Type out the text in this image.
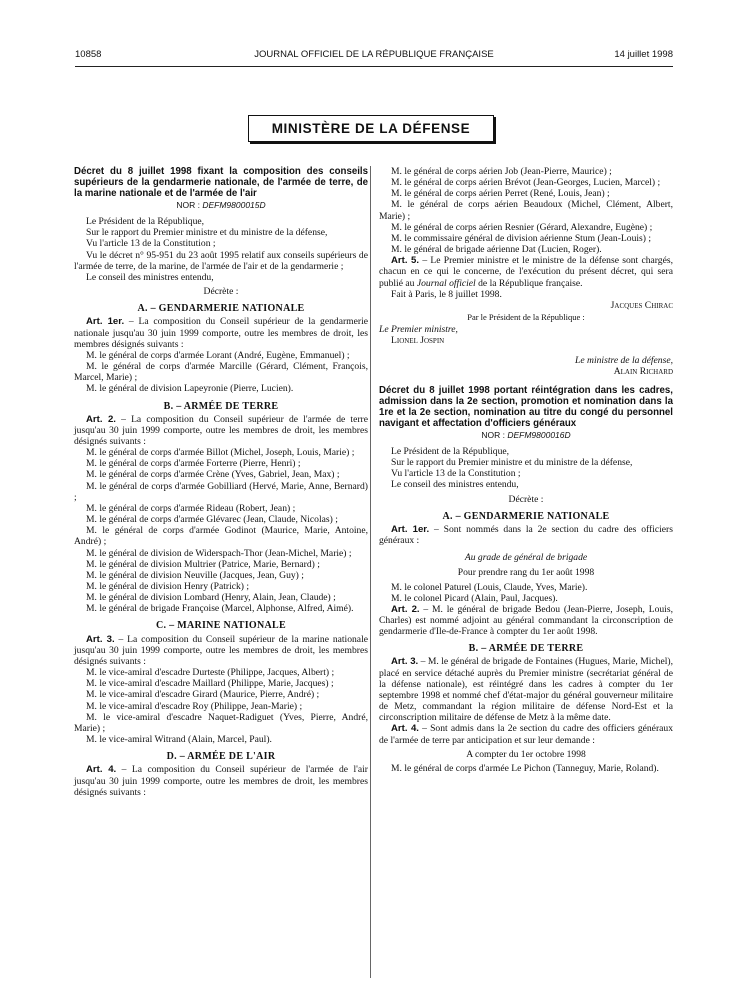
10858	JOURNAL OFFICIEL DE LA RÉPUBLIQUE FRANÇAISE	14 juillet 1998
MINISTÈRE DE LA DÉFENSE

Décret du 8 juillet 1998 fixant la composition des conseils supérieurs de la gendarmerie nationale, de l'armée de terre, de la marine nationale et de l'armée de l'air

NOR : DEFM9800015D

Le Président de la République,

Sur le rapport du Premier ministre et du ministre de la défense,

Vu l'article 13 de la Constitution ;

Vu le décret n° 95-951 du 23 août 1995 relatif aux conseils supérieurs de l'armée de terre, de la marine, de l'armée de l'air et de la gendarmerie ;

Le conseil des ministres entendu,

Décrète :

A. – GENDARMERIE NATIONALE

Art. 1er. – La composition du Conseil supérieur de la gendarmerie nationale jusqu'au 30 juin 1999 comporte, outre les membres de droit, les membres désignés suivants :

M. le général de corps d'armée Lorant (André, Eugène, Emmanuel) ;

M. le général de corps d'armée Marcille (Gérard, Clément, François, Marcel, Marie) ;

M. le général de division Lapeyronie (Pierre, Lucien).

B. – ARMÉE DE TERRE

Art. 2. – La composition du Conseil supérieur de l'armée de terre jusqu'au 30 juin 1999 comporte, outre les membres de droit, les membres désignés suivants :

M. le général de corps d'armée Billot (Michel, Joseph, Louis, Marie) ;

M. le général de corps d'armée Forterre (Pierre, Henri) ;

M. le général de corps d'armée Crène (Yves, Gabriel, Jean, Max) ;

M. le général de corps d'armée Gobilliard (Hervé, Marie, Anne, Bernard) ;

M. le général de corps d'armée Rideau (Robert, Jean) ;

M. le général de corps d'armée Glévarec (Jean, Claude, Nicolas) ;

M. le général de corps d'armée Godinot (Maurice, Marie, Antoine, André) ;

M. le général de division de Widerspach-Thor (Jean-Michel, Marie) ;

M. le général de division Multrier (Patrice, Marie, Bernard) ;

M. le général de division Neuville (Jacques, Jean, Guy) ;

M. le général de division Henry (Patrick) ;

M. le général de division Lombard (Henry, Alain, Jean, Claude) ;

M. le général de brigade Françoise (Marcel, Alphonse, Alfred, Aimé).

C. – MARINE NATIONALE

Art. 3. – La composition du Conseil supérieur de la marine nationale jusqu'au 30 juin 1999 comporte, outre les membres de droit, les membres désignés suivants :

M. le vice-amiral d'escadre Durteste (Philippe, Jacques, Albert) ;

M. le vice-amiral d'escadre Maillard (Philippe, Marie, Jacques) ;

M. le vice-amiral d'escadre Girard (Maurice, Pierre, André) ;

M. le vice-amiral d'escadre Roy (Philippe, Jean-Marie) ;

M. le vice-amiral d'escadre Naquet-Radiguet (Yves, Pierre, André, Marie) ;

M. le vice-amiral Witrand (Alain, Marcel, Paul).

D. – ARMÉE DE L'AIR

Art. 4. – La composition du Conseil supérieur de l'armée de l'air jusqu'au 30 juin 1999 comporte, outre les membres de droit, les membres désignés suivants :

M. le général de corps aérien Job (Jean-Pierre, Maurice) ;

M. le général de corps aérien Brévot (Jean-Georges, Lucien, Marcel) ;

M. le général de corps aérien Perret (René, Louis, Jean) ;

M. le général de corps aérien Beaudoux (Michel, Clément, Albert, Marie) ;

M. le général de corps aérien Resnier (Gérard, Alexandre, Eugène) ;

M. le commissaire général de division aérienne Stum (Jean-Louis) ;

M. le général de brigade aérienne Dat (Lucien, Roger).

Art. 5. – Le Premier ministre et le ministre de la défense sont chargés, chacun en ce qui le concerne, de l'exécution du présent décret, qui sera publié au Journal officiel de la République française.

Fait à Paris, le 8 juillet 1998.

Jacques Chirac

Par le Président de la République :

Le Premier ministre,

Lionel Jospin

Le ministre de la défense,

Alain Richard

Décret du 8 juillet 1998 portant réintégration dans les cadres, admission dans la 2e section, promotion et nomination dans la 1re et la 2e section, nomination au titre du congé du personnel navigant et affectation d'officiers généraux

NOR : DEFM9800016D

Le Président de la République,

Sur le rapport du Premier ministre et du ministre de la défense,

Vu l'article 13 de la Constitution ;

Le conseil des ministres entendu,

Décrète :

A. – GENDARMERIE NATIONALE

Art. 1er. – Sont nommés dans la 2e section du cadre des officiers généraux :

Au grade de général de brigade

Pour prendre rang du 1er août 1998

M. le colonel Paturel (Louis, Claude, Yves, Marie).

M. le colonel Picard (Alain, Paul, Jacques).

Art. 2. – M. le général de brigade Bedou (Jean-Pierre, Joseph, Louis, Charles) est nommé adjoint au général commandant la circonscription de gendarmerie d'Ile-de-France à compter du 1er août 1998.

B. – ARMÉE DE TERRE

Art. 3. – M. le général de brigade de Fontaines (Hugues, Marie, Michel), placé en service détaché auprès du Premier ministre (secrétariat général de la défense nationale), est réintégré dans les cadres à compter du 1er septembre 1998 et nommé chef d'état-major du général gouverneur militaire de Metz, commandant la région militaire de défense Nord-Est et la circonscription militaire de défense de Metz à la même date.

Art. 4. – Sont admis dans la 2e section du cadre des officiers généraux de l'armée de terre par anticipation et sur leur demande :

A compter du 1er octobre 1998

M. le général de corps d'armée Le Pichon (Tanneguy, Marie, Roland).
